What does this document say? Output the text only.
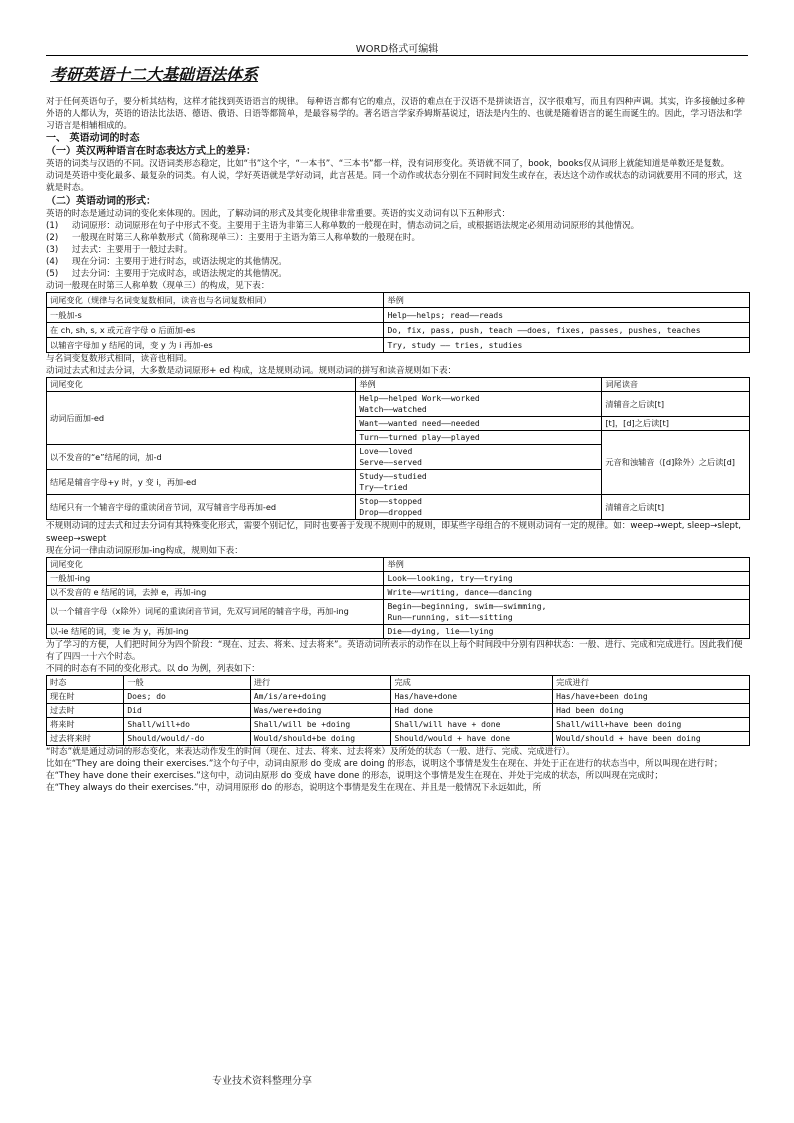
WORD格式可编辑
考研英语十二大基础语法体系

对于任何英语句子，要分析其结构，这样才能找到英语语言的规律。 每种语言都有它的难点，汉语的难点在于汉语不是拼读语言，汉字很难写，而且有四种声调。其实，许多接触过多种外语的人都认为，英语的语法比法语、德语、俄语、日语等都简单，是最容易学的。著名语言学家乔姆斯基说过，语法是内生的、也就是随着语言的诞生而诞生的。因此，学习语法和学习语言是相辅相成的。

一、 英语动词的时态

（一）英汉两种语言在时态表达方式上的差异：

英语的词类与汉语的不同。汉语词类形态稳定，比如“书”这个字，“一本书”、“三本书”都一样，没有词形变化。英语就不同了，book，books仅从词形上就能知道是单数还是复数。

动词是英语中变化最多、最复杂的词类。有人说，学好英语就是学好动词，此言甚是。同一个动作或状态分别在不同时间发生或存在，表达这个动作或状态的动词就要用不同的形式，这就是时态。

（二）英语动词的形式：

英语的时态是通过动词的变化来体现的。因此，了解动词的形式及其变化规律非常重要。英语的实义动词有以下五种形式：

(1)	动词原形：动词原形在句子中形式不变。主要用于主语为非第三人称单数的一般现在时，情态动词之后，或根据语法规定必须用动词原形的其他情况。
(2)	一般现在时第三人称单数形式（简称现单三）：主要用于主语为第三人称单数的一般现在时。
(3)	过去式：主要用于一般过去时。
(4)	现在分词：主要用于进行时态，或语法规定的其他情况。
(5)	过去分词：主要用于完成时态，或语法规定的其他情况。

动词一般现在时第三人称单数（现单三）的构成，见下表：

词尾变化（规律与名词变复数相同，读音也与名词复数相同）	举例
一般加-s	Help——helps; read——reads
在 ch, sh, s, x 或元音字母 o 后面加-es	Do, fix, pass, push, teach ——does, fixes, passes, pushes, teaches
以辅音字母加 y 结尾的词，变 y 为 i 再加-es	Try, study —— tries, studies

与名词变复数形式相同，读音也相同。

动词过去式和过去分词，大多数是动词原形+ ed 构成，这是规则动词。规则动词的拼写和读音规则如下表：

词尾变化	举例	词尾读音
动词后面加-ed	Help——helped Work——worked
Watch——watched	清辅音之后读[t]
	Want——wanted need——needed	[t]，[d]之后读[t]
	Turn——turned play——played	元音和浊辅音（[d]除外）之后读[d]
以不发音的“e”结尾的词，加-d	Love——loved
Serve——served	
结尾是辅音字母+y 时，y 变 i，再加-ed	Study——studied
Try——tried	
结尾只有一个辅音字母的重读闭音节词，双写辅音字母再加-ed	Stop——stopped
Drop——dropped	清辅音之后读[t]

不规则动词的过去式和过去分词有其特殊变化形式，需要个别记忆，同时也要善于发现不规则中的规则，即某些字母组合的不规则动词有一定的规律。如：weep→wept, sleep→slept, sweep→swept

现在分词一律由动词原形加-ing构成，规则如下表：

词尾变化	举例
一般加-ing	Look——looking, try——trying
以不发音的 e 结尾的词，去掉 e，再加-ing	Write——writing, dance——dancing
以一个辅音字母（x除外）词尾的重读闭音节词，先双写词尾的辅音字母，再加-ing	Begin——beginning, swim——swimming,
Run——running, sit——sitting
以-ie 结尾的词，变 ie 为 y，再加-ing	Die——dying, lie——lying

为了学习的方便，人们把时间分为四个阶段：“现在、过去、将来、过去将来”。英语动词所表示的动作在以上每个时间段中分别有四种状态：一般、进行、完成和完成进行。因此我们便有了四四一十六个时态。

不同的时态有不同的变化形式。以 do 为例，列表如下：

时态	一般	进行	完成	完成进行
现在时	Does; do	Am/is/are+doing	Has/have+done	Has/have+been doing
过去时	Did	Was/were+doing	Had done	Had been doing
将来时	Shall/will+do	Shall/will be +doing	Shall/will have + done	Shall/will+have been doing
过去将来时	Should/would/-do	Would/should+be doing	Should/would + have done	Would/should + have been doing

“时态”就是通过动词的形态变化，来表达动作发生的时间（现在、过去、将来、过去将来）及所处的状态（一般、进行、完成、完成进行）。

比如在“They are doing their exercises.”这个句子中，动词由原形 do 变成 are doing 的形态，说明这个事情是发生在现在、并处于正在进行的状态当中，所以叫现在进行时；

在“They have done their exercises.”这句中，动词由原形 do 变成 have done 的形态，说明这个事情是发生在现在、并处于完成的状态，所以叫现在完成时；

在“They always do their exercises.”中，动词用原形 do 的形态，说明这个事情是发生在现在、并且是一般情况下永远如此，所

专业技术资料整理分享
